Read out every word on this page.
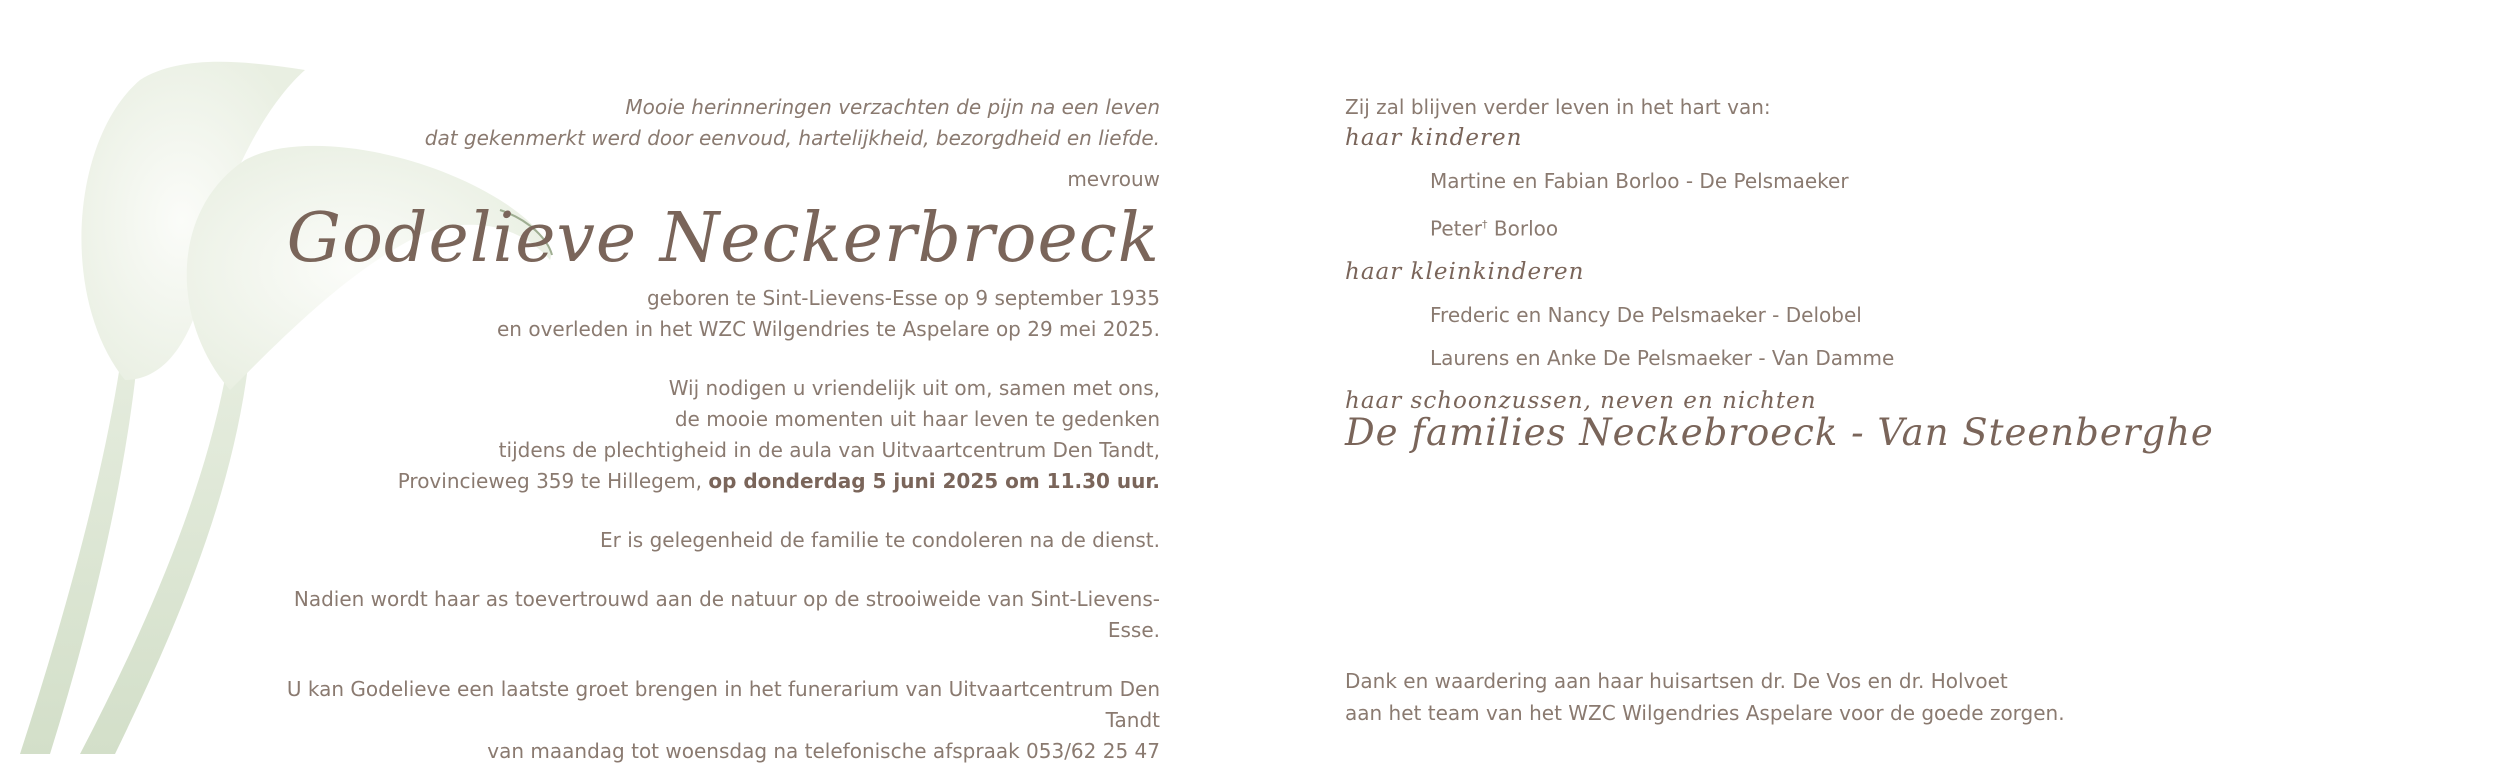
Mooie herinneringen verzachten de pijn na een leven

dat gekenmerkt werd door eenvoud, hartelijkheid, bezorgdheid en liefde.

mevrouw

Godelieve Neckerbroeck

geboren te Sint-Lievens-Esse op 9 september 1935

en overleden in het WZC Wilgendries te Aspelare op 29 mei 2025.

Wij nodigen u vriendelijk uit om, samen met ons,

de mooie momenten uit haar leven te gedenken

tijdens de plechtigheid in de aula van Uitvaartcentrum Den Tandt,

Provincieweg 359 te Hillegem, op donderdag 5 juni 2025 om 11.30 uur.

Er is gelegenheid de familie te condoleren na de dienst.

Nadien wordt haar as toevertrouwd aan de natuur op de strooiweide van Sint-Lievens-Esse.

U kan Godelieve een laatste groet brengen in het funerarium van Uitvaartcentrum Den Tandt

van maandag tot woensdag na telefonische afspraak 053/62 25 47

Zij zal blijven verder leven in het hart van:

haar kinderen

Martine en Fabian Borloo - De Pelsmaeker

Peter† Borloo

haar kleinkinderen

Frederic en Nancy De Pelsmaeker - Delobel

Laurens en Anke De Pelsmaeker - Van Damme

haar schoonzussen, neven en nichten

De families Neckebroeck - Van Steenberghe

Dank en waardering aan haar huisartsen dr. De Vos en dr. Holvoet

aan het team van het WZC Wilgendries Aspelare voor de goede zorgen.
